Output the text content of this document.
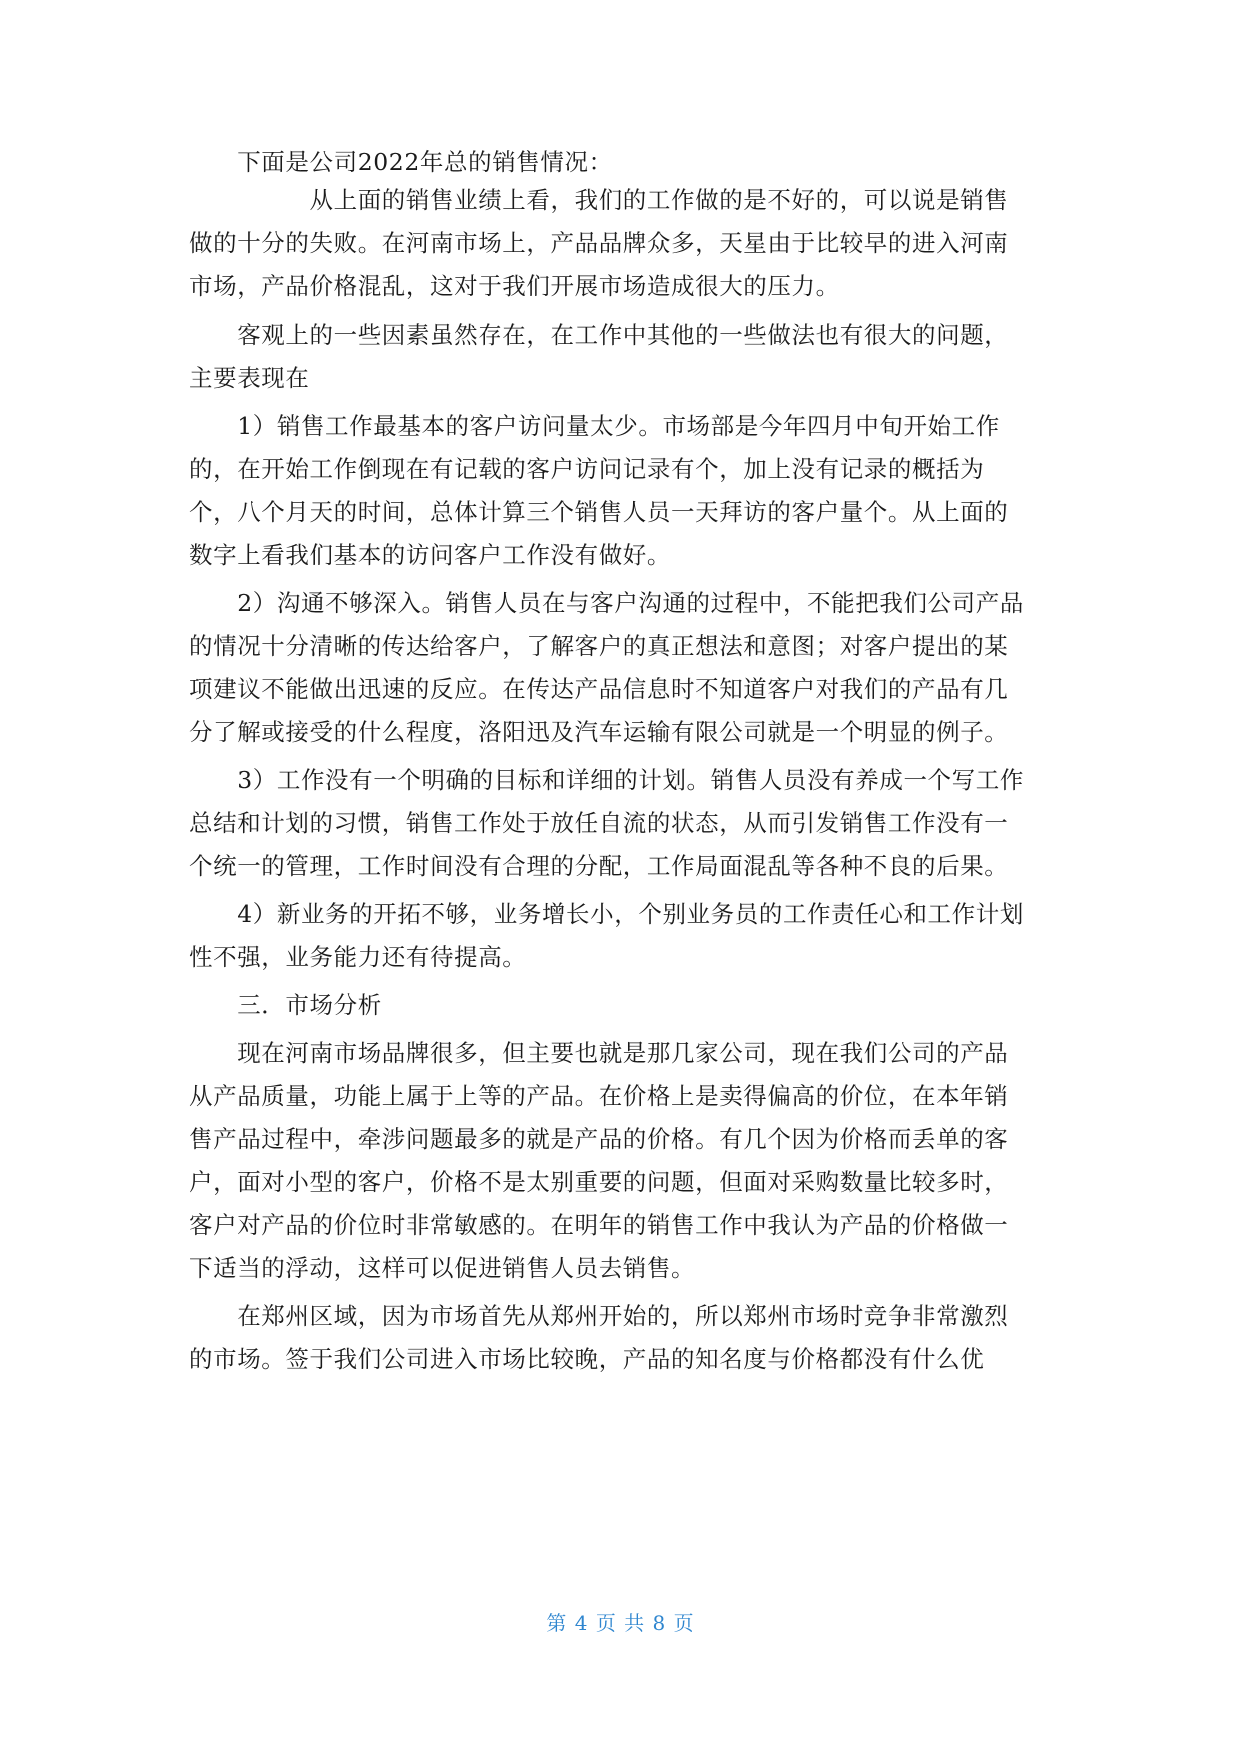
　　下面是公司2022年总的销售情况：
　　　　　从上面的销售业绩上看，我们的工作做的是不好的，可以说是销售
做的十分的失败。在河南市场上，产品品牌众多，天星由于比较早的进入河南
市场，产品价格混乱，这对于我们开展市场造成很大的压力。
　　客观上的一些因素虽然存在，在工作中其他的一些做法也有很大的问题，
主要表现在
　　1）销售工作最基本的客户访问量太少。市场部是今年四月中旬开始工作
的，在开始工作倒现在有记载的客户访问记录有个，加上没有记录的概括为
个，八个月天的时间，总体计算三个销售人员一天拜访的客户量个。从上面的
数字上看我们基本的访问客户工作没有做好。
　　2）沟通不够深入。销售人员在与客户沟通的过程中，不能把我们公司产品
的情况十分清晰的传达给客户，了解客户的真正想法和意图；对客户提出的某
项建议不能做出迅速的反应。在传达产品信息时不知道客户对我们的产品有几
分了解或接受的什么程度，洛阳迅及汽车运输有限公司就是一个明显的例子。
　　3）工作没有一个明确的目标和详细的计划。销售人员没有养成一个写工作
总结和计划的习惯，销售工作处于放任自流的状态，从而引发销售工作没有一
个统一的管理，工作时间没有合理的分配，工作局面混乱等各种不良的后果。
　　4）新业务的开拓不够，业务增长小，个别业务员的工作责任心和工作计划
性不强，业务能力还有待提高。
　　三．市场分析
　　现在河南市场品牌很多，但主要也就是那几家公司，现在我们公司的产品
从产品质量，功能上属于上等的产品。在价格上是卖得偏高的价位，在本年销
售产品过程中，牵涉问题最多的就是产品的价格。有几个因为价格而丢单的客
户，面对小型的客户，价格不是太别重要的问题，但面对采购数量比较多时，
客户对产品的价位时非常敏感的。在明年的销售工作中我认为产品的价格做一
下适当的浮动，这样可以促进销售人员去销售。
　　在郑州区域，因为市场首先从郑州开始的，所以郑州市场时竞争非常激烈
的市场。签于我们公司进入市场比较晚，产品的知名度与价格都没有什么优
第 4 页 共 8 页
